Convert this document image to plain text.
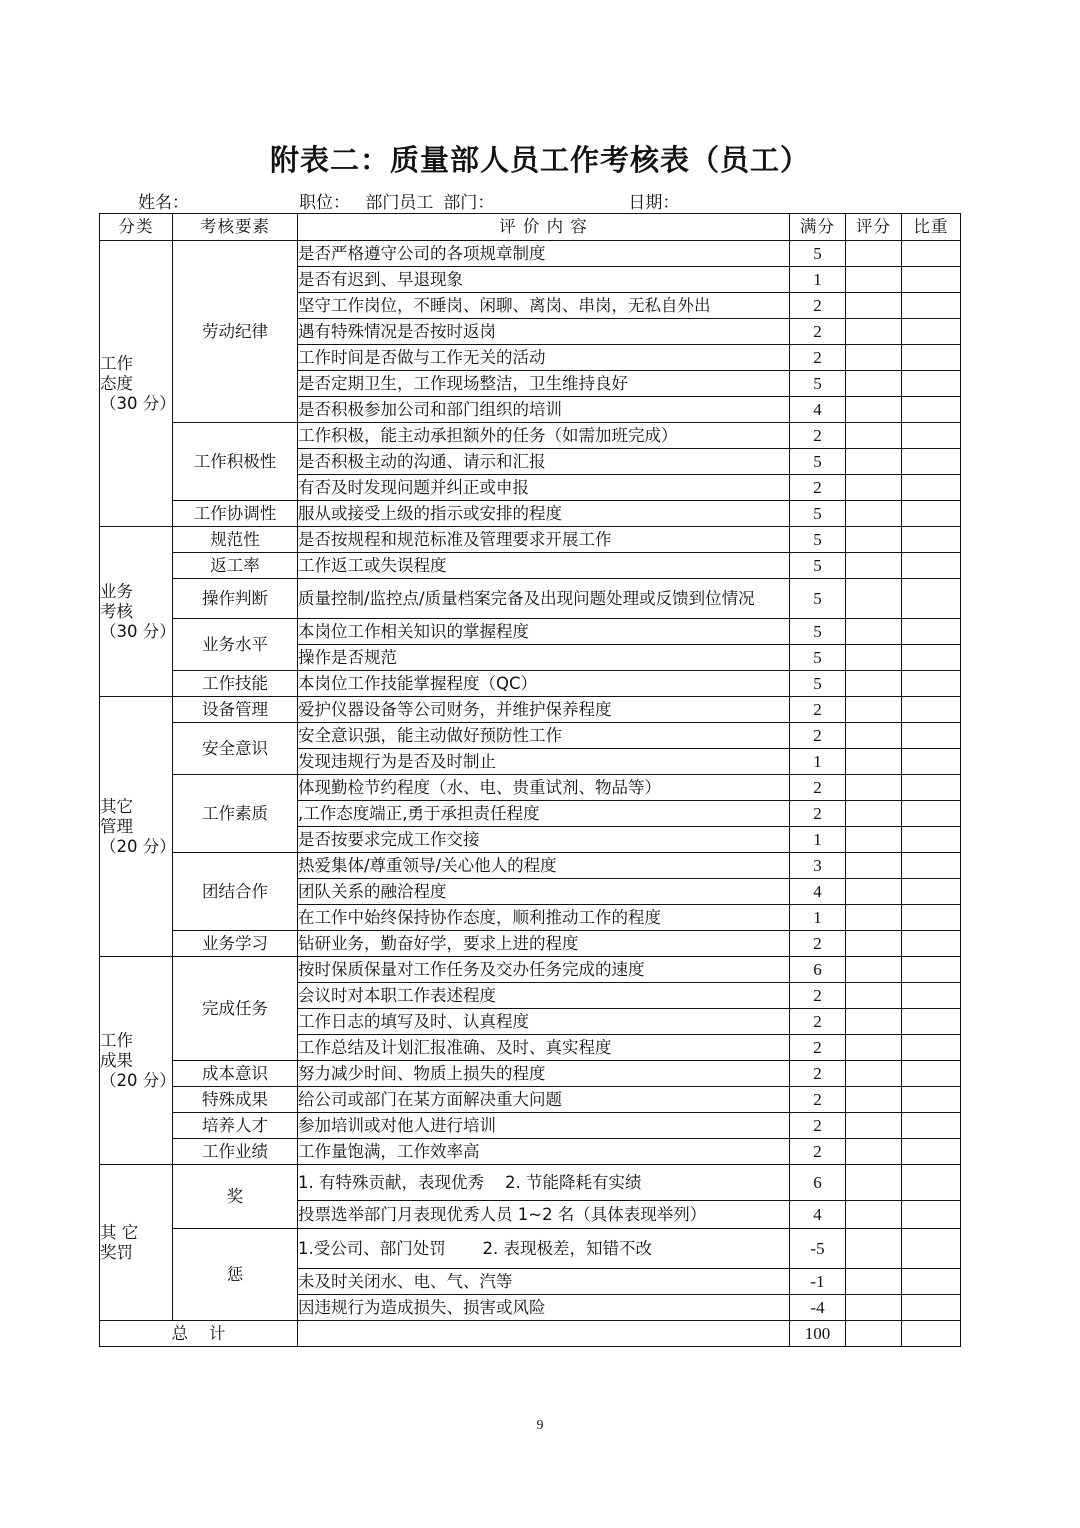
附表二：质量部人员工作考核表（员工）
姓名：	职位： 部门员工 部门：	日期：
分类	考核要素	评 价 内 容	满分	评分	比重
工作
态度
（30 分）	劳动纪律	是否严格遵守公司的各项规章制度	5		
		是否有迟到、早退现象	1		
		坚守工作岗位，不睡岗、闲聊、离岗、串岗，无私自外出	2		
		遇有特殊情况是否按时返岗	2		
		工作时间是否做与工作无关的活动	2		
		是否定期卫生，工作现场整洁，卫生维持良好	5		
		是否积极参加公司和部门组织的培训	4		
	工作积极性	工作积极，能主动承担额外的任务（如需加班完成）	2		
		是否积极主动的沟通、请示和汇报	5		
		有否及时发现问题并纠正或申报	2		
	工作协调性	服从或接受上级的指示或安排的程度	5		
业务
考核
（30 分）	规范性	是否按规程和规范标准及管理要求开展工作	5		
	返工率	工作返工或失误程度	5		
	操作判断	质量控制/监控点/质量档案完备及出现问题处理或反馈到位情况	5		
	业务水平	本岗位工作相关知识的掌握程度	5		
		操作是否规范	5		
	工作技能	本岗位工作技能掌握程度（QC）	5		
其它
管理
（20 分）	设备管理	爱护仪器设备等公司财务，并维护保养程度	2		
	安全意识	安全意识强，能主动做好预防性工作	2		
		发现违规行为是否及时制止	1		
	工作素质	体现勤检节约程度（水、电、贵重试剂、物品等）	2		
		,工作态度端正,勇于承担责任程度	2		
		是否按要求完成工作交接	1		
	团结合作	热爱集体/尊重领导/关心他人的程度	3		
		团队关系的融洽程度	4		
		在工作中始终保持协作态度，顺利推动工作的程度	1		
	业务学习	钻研业务，勤奋好学，要求上进的程度	2		
工作
成果
（20 分）	完成任务	按时保质保量对工作任务及交办任务完成的速度	6		
		会议时对本职工作表述程度	2		
		工作日志的填写及时、认真程度	2		
		工作总结及计划汇报准确、及时、真实程度	2		
	成本意识	努力减少时间、物质上损失的程度	2		
	特殊成果	给公司或部门在某方面解决重大问题	2		
	培养人才	参加培训或对他人进行培训	2		
	工作业绩	工作量饱满，工作效率高	2		
其 它
奖罚	奖	1. 有特殊贡献，表现优秀    2. 节能降耗有实绩	6		
		投票选举部门月表现优秀人员 1~2 名（具体表现举列）	4		
	惩	1.受公司、部门处罚       2. 表现极差，知错不改	-5		
		未及时关闭水、电、气、汽等	-1		
		因违规行为造成损失、损害或风险	-4		
总    计			100		
9
